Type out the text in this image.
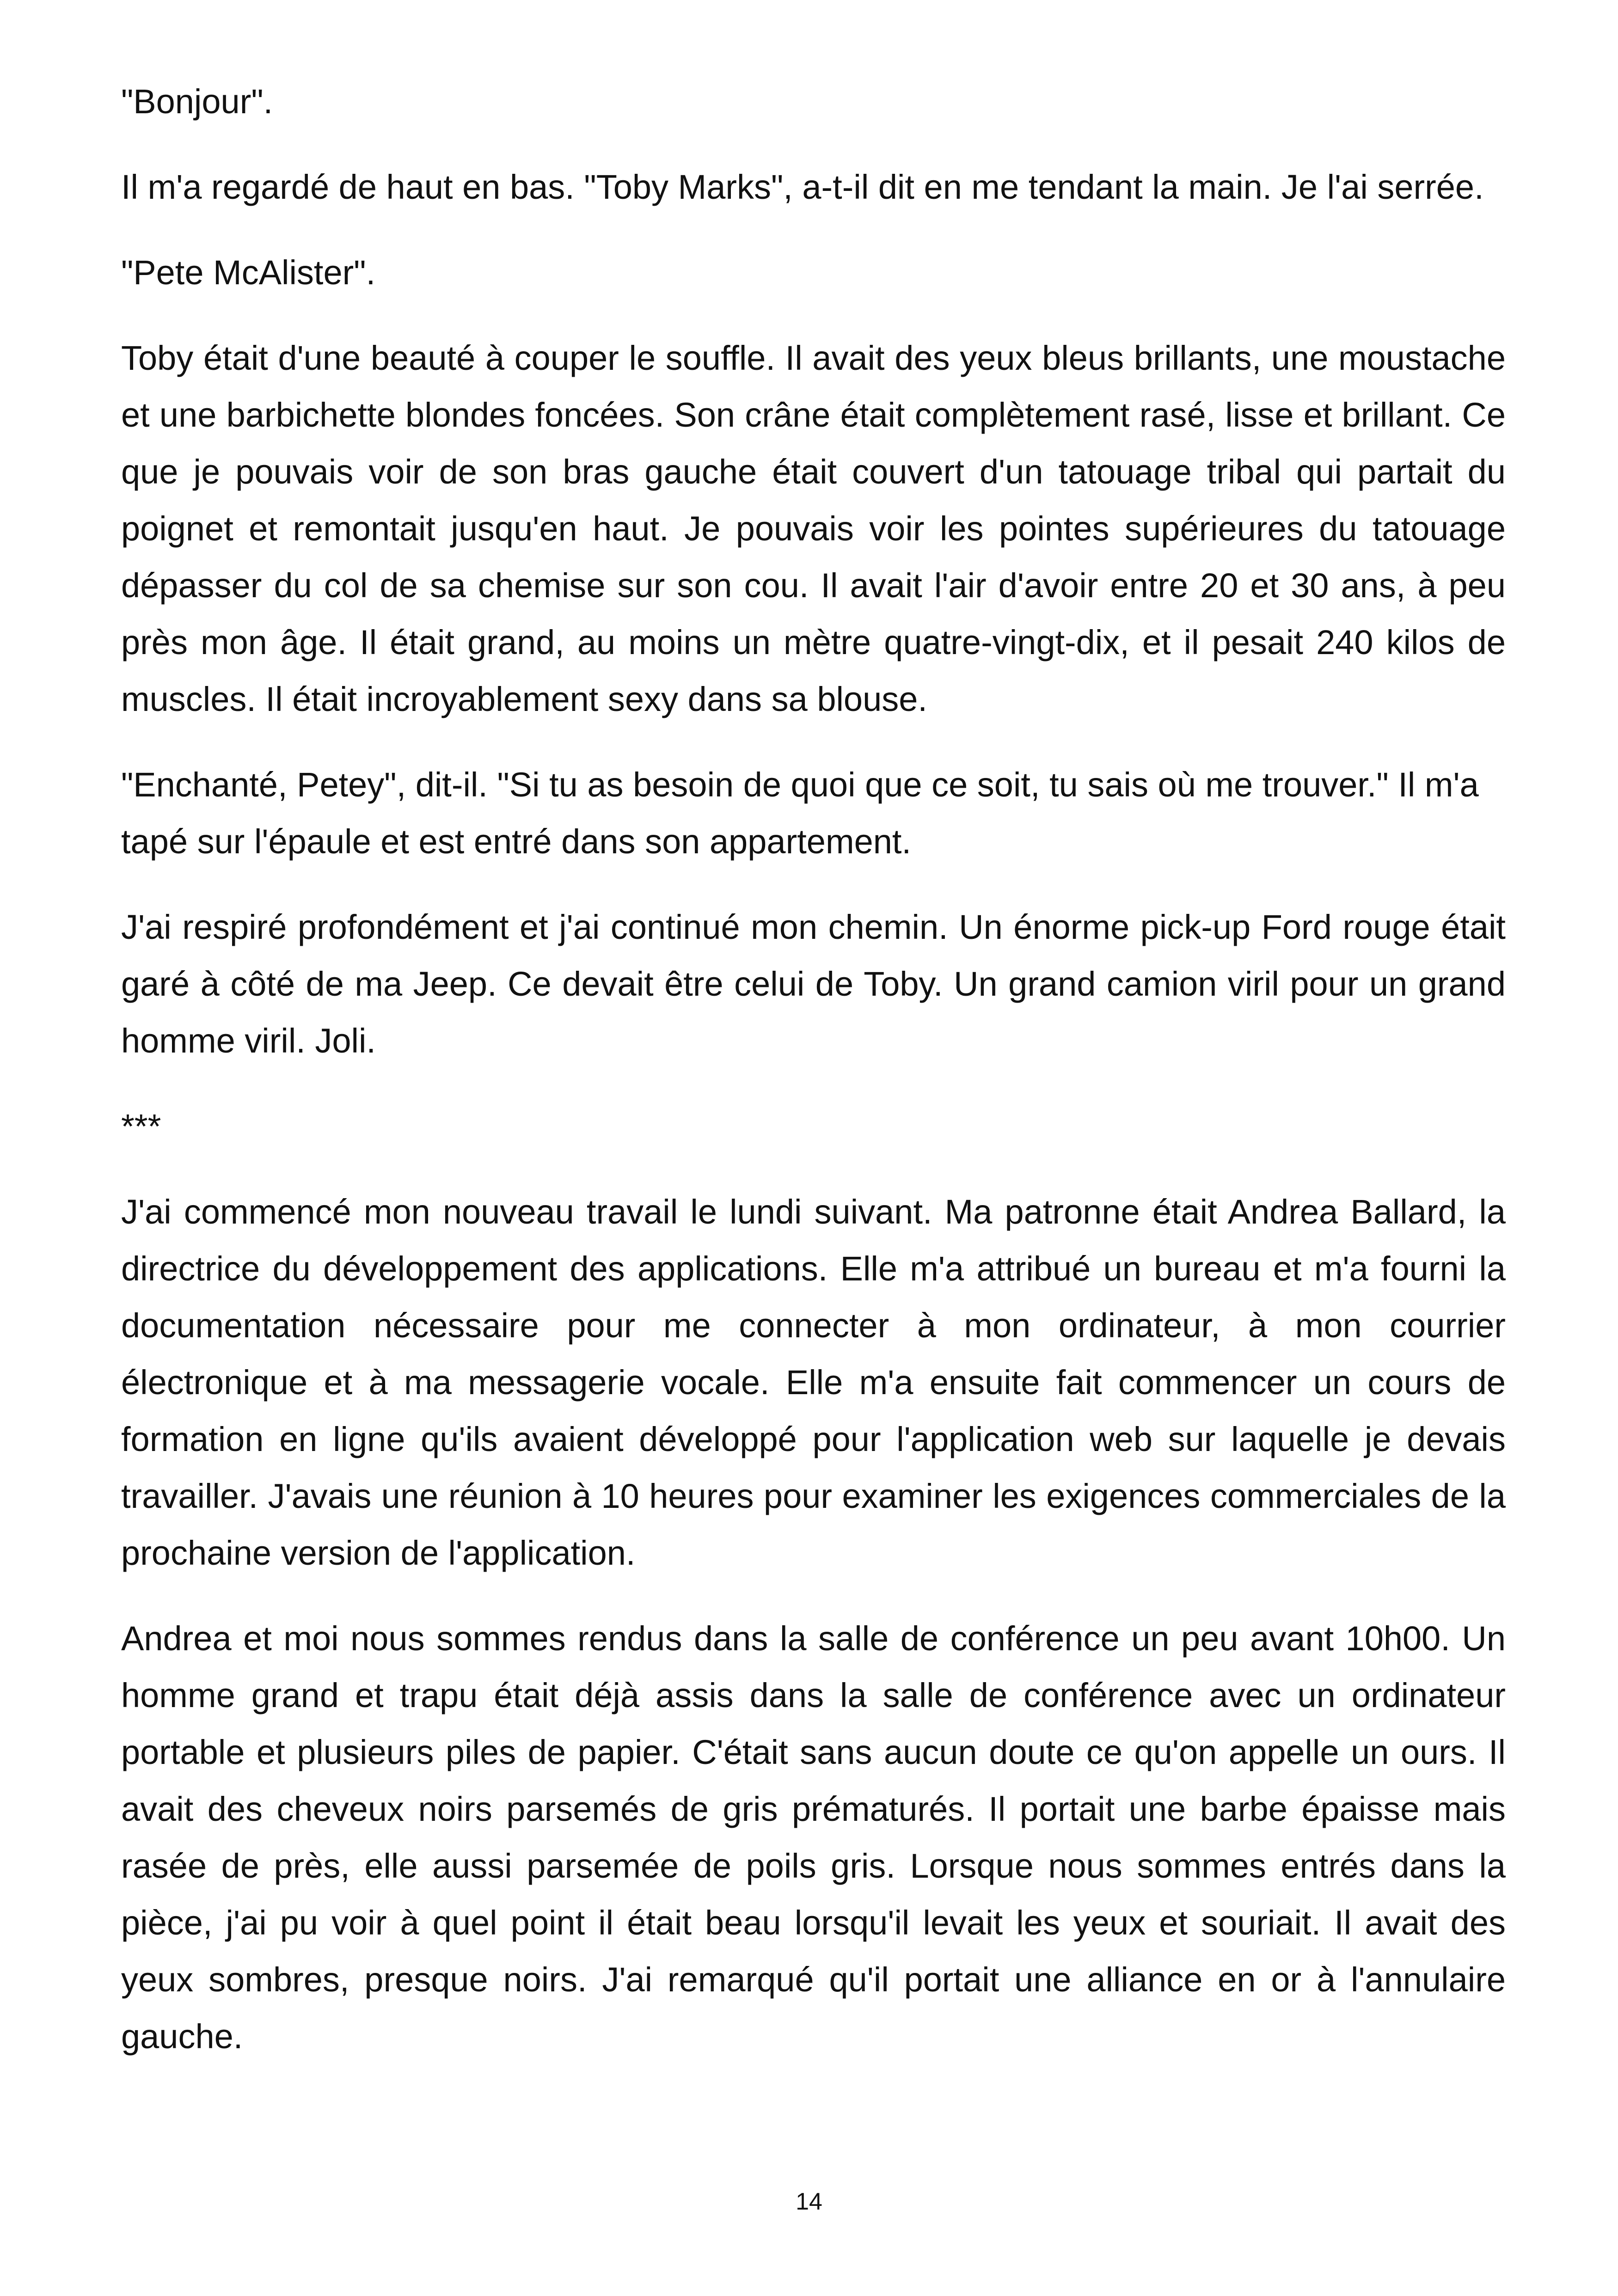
"Bonjour".

Il m'a regardé de haut en bas. "Toby Marks", a-t-il dit en me tendant la main. Je l'ai serrée.

"Pete McAlister".

Toby était d'une beauté à couper le souffle. Il avait des yeux bleus brillants, une moustache et une barbichette blondes foncées. Son crâne était complètement rasé, lisse et brillant. Ce que je pouvais voir de son bras gauche était couvert d'un tatouage tribal qui partait du poignet et remontait jusqu'en haut. Je pouvais voir les pointes supérieures du tatouage dépasser du col de sa chemise sur son cou. Il avait l'air d'avoir entre 20 et 30 ans, à peu près mon âge. Il était grand, au moins un mètre quatre-vingt-dix, et il pesait 240 kilos de muscles. Il était incroyablement sexy dans sa blouse.

"Enchanté, Petey", dit-il. "Si tu as besoin de quoi que ce soit, tu sais où me trouver." Il m'a tapé sur l'épaule et est entré dans son appartement.

J'ai respiré profondément et j'ai continué mon chemin. Un énorme pick-up Ford rouge était garé à côté de ma Jeep. Ce devait être celui de Toby. Un grand camion viril pour un grand homme viril. Joli.

***

J'ai commencé mon nouveau travail le lundi suivant. Ma patronne était Andrea Ballard, la directrice du développement des applications. Elle m'a attribué un bureau et m'a fourni la documentation nécessaire pour me connecter à mon ordinateur, à mon courrier électronique et à ma messagerie vocale. Elle m'a ensuite fait commencer un cours de formation en ligne qu'ils avaient développé pour l'application web sur laquelle je devais travailler. J'avais une réunion à 10 heures pour examiner les exigences commerciales de la prochaine version de l'application.

Andrea et moi nous sommes rendus dans la salle de conférence un peu avant 10h00. Un homme grand et trapu était déjà assis dans la salle de conférence avec un ordinateur portable et plusieurs piles de papier. C'était sans aucun doute ce qu'on appelle un ours. Il avait des cheveux noirs parsemés de gris prématurés. Il portait une barbe épaisse mais rasée de près, elle aussi parsemée de poils gris. Lorsque nous sommes entrés dans la pièce, j'ai pu voir à quel point il était beau lorsqu'il levait les yeux et souriait. Il avait des yeux sombres, presque noirs. J'ai remarqué qu'il portait une alliance en or à l'annulaire gauche.

14
